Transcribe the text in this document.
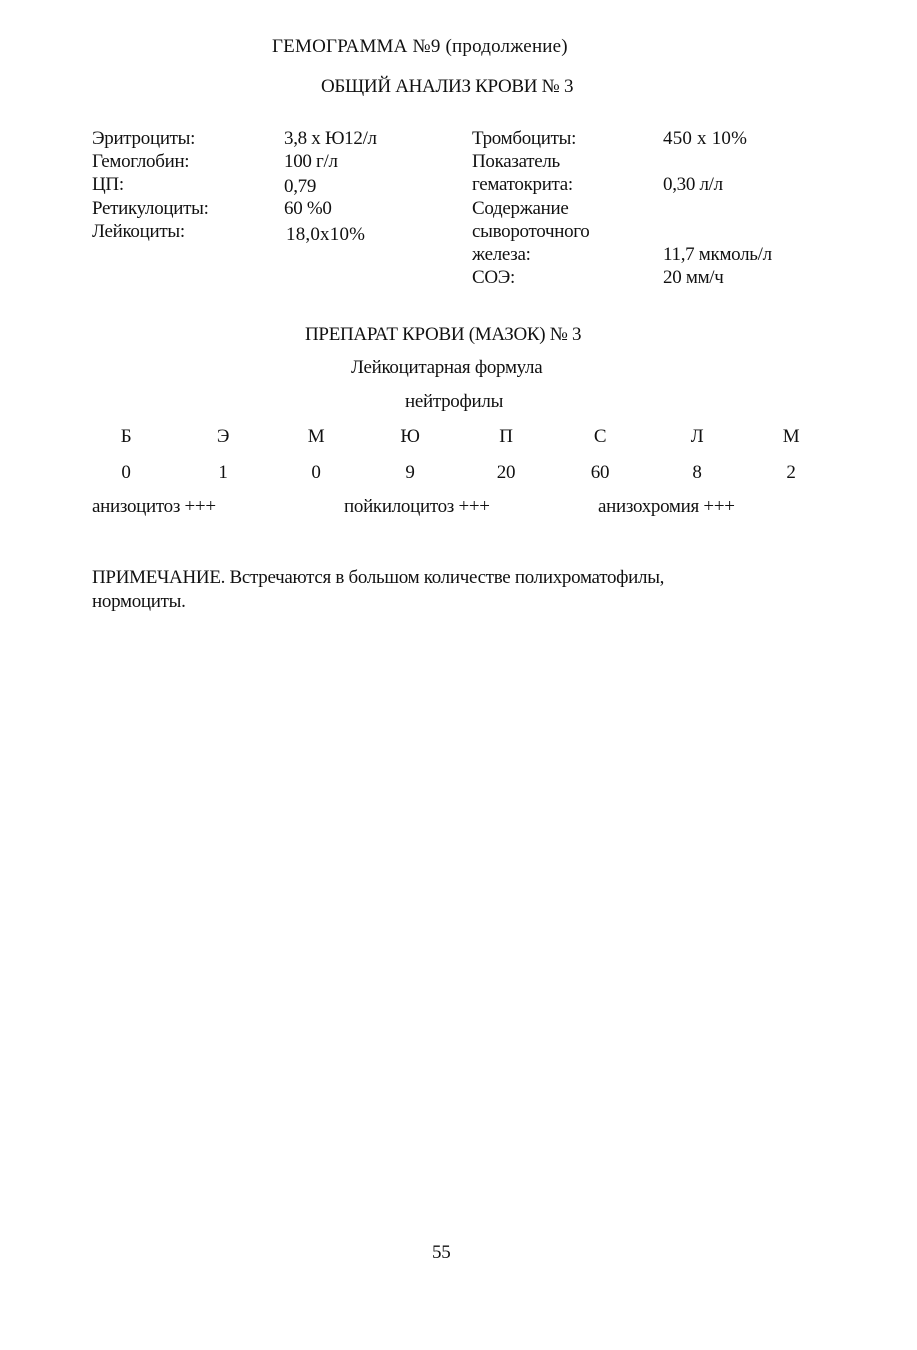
ГЕМОГРАММА №9 (продолжение)
ОБЩИЙ АНАЛИЗ КРОВИ № 3
Эритроциты:	3,8 х Ю12/л
Гемоглобин:	100 г/л
ЦП:	0,79
Ретикулоциты:	60 %0
Лейкоциты:	18,0х10%
Тромбоциты:	450 х 10%
Показатель
гематокрита:	0,30 л/л
Содержание
сывороточного
железа:	11,7 мкмоль/л
СОЭ:	20 мм/ч
ПРЕПАРАТ КРОВИ (МАЗОК) № 3
Лейкоцитарная формула
нейтрофилы
Б	Э	М	Ю	П	С	Л	М
0	1	0	9	20	60	8	2
анизоцитоз +++	пойкилоцитоз +++	анизохромия +++
ПРИМЕЧАНИЕ. Встречаются в большом количестве полихроматофилы,
нормоциты.
55
